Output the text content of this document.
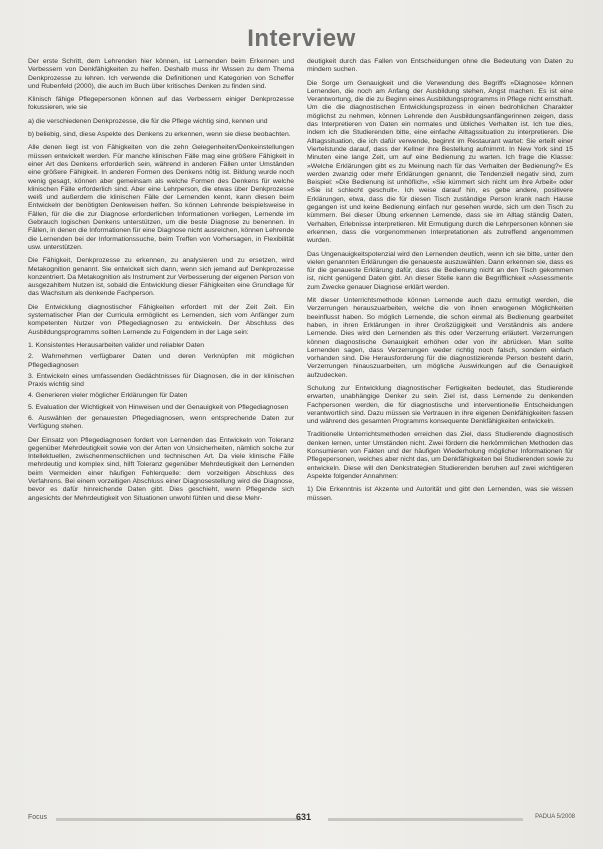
Interview

Der erste Schritt, dem Lehrenden hier können, ist Lernenden beim Erkennen und Verbessern von Denkfähigkeiten zu helfen. Deshalb muss ihr Wissen zu dem Thema Denkprozesse zu lehren. Ich verwende die Definitionen und Kategorien von Scheffer und Rubenfeld (2000), die auch im Buch über kritisches Denken zu finden sind.

Klinisch fähige Pflegepersonen können auf das Verbessern einiger Denkprozesse fokussieren, wie sie

a) die verschiedenen Denkprozesse, die für die Pflege wichtig sind, kennen und

b) beliebig, sind, diese Aspekte des Denkens zu erkennen, wenn sie diese beobachten.

Alle denen liegt ist von Fähigkeiten von die zehn Gelegenheiten/Denkeinstellungen müssen entwickelt werden. Für manche klinischen Fälle mag eine größere Fähigkeit in einer Art des Denkens erforderlich sein, während in anderen Fällen unter Umständen eine größere Fähigkeit. In anderen Formen des Denkens nötig ist. Bildung wurde noch wenig gesagt, können aber gemeinsam als welche Formen des Denkens für welche klinischen Fälle erforderlich sind. Aber eine Lehrperson, die etwas über Denkprozesse weiß und außerdem die klinischen Fälle der Lernenden kennt, kann diesen beim Entwickeln der benötigten Denkweisen helfen. So können Lehrende beispielsweise in Fällen, für die die zur Diagnose erforderlichen Informationen vorliegen, Lernende im Gebrauch logischen Denkens unterstützen, um die beste Diagnose zu benennen. In Fällen, in denen die Informationen für eine Diagnose nicht ausreichen, können Lehrende die Lernenden bei der Informationssuche, beim Treffen von Vorhersagen, in Flexibilität usw. unterstützen.

Die Fähigkeit, Denkprozesse zu erkennen, zu analysieren und zu ersetzen, wird Metakognition genannt. Sie entwickelt sich dann, wenn sich jemand auf Denkprozesse konzentriert. Da Metakognition als Instrument zur Verbesserung der eigenen Person von ausgezahltem Nutzen ist, sobald die Entwicklung dieser Fähigkeiten eine Grundlage für das Wachstum als denkende Fachperson.

Die Entwicklung diagnostischer Fähigkeiten erfordert mit der Zeit Zeit. Ein systematischer Plan der Curricula ermöglicht es Lernenden, sich vom Anfänger zum kompetenten Nutzer von Pflegediagnosen zu entwickeln. Der Abschluss des Ausbildungsprogramms sollten Lernende zu Folgendem in der Lage sein:

1. Konsistentes Herausarbeiten valider und reliabler Daten
2. Wahrnehmen verfügbarer Daten und deren Verknüpfen mit möglichen Pflegediagnosen
3. Entwickeln eines umfassenden Gedächtnisses für Diagnosen, die in der klinischen Praxis wichtig sind
4. Generieren vieler möglicher Erklärungen für Daten
5. Evaluation der Wichtigkeit von Hinweisen und der Genauigkeit von Pflegediagnosen
6. Auswählen der genauesten Pflegediagnosen, wenn entsprechende Daten zur Verfügung stehen.

Der Einsatz von Pflegediagnosen fordert von Lernenden das Entwickeln von Toleranz gegenüber Mehrdeutigkeit sowie von der Arten von Unsicherheiten, nämlich solche zur Intellektuellen, zwischenmenschlichen und technischen Art. Da viele klinische Fälle mehrdeutig und komplex sind, hilft Toleranz gegenüber Mehrdeutigkeit den Lernenden beim Vermeiden einer häufigen Fehlerquelle: dem vorzeitigen Abschluss des Verfahrens. Bei einem vorzeitigen Abschluss einer Diagnosestellung wird die Diagnose, bevor es dafür hinreichende Daten gibt. Dies geschieht, wenn Pflegende sich angesichts der Mehrdeutigkeit von Situationen unwohl fühlen und diese Mehr-

deutigkeit durch das Fallen von Entscheidungen ohne die Bedeutung von Daten zu mindern suchen.

Die Sorge um Genauigkeit und die Verwendung des Begriffs »Diagnose« können Lernenden, die noch am Anfang der Ausbildung stehen, Angst machen. Es ist eine Verantwortung, die die zu Beginn eines Ausbildungsprogramms in Pflege nicht ernsthaft. Um die die diagnostischen Entwicklungsprozess in einen bedrohlichen Charakter möglichst zu nehmen, können Lehrende den Ausbildungsanfängerinnen zeigen, dass das Interpretieren von Daten ein normales und übliches Verhalten ist. Ich tue dies, indem ich die Studierenden bitte, eine einfache Alltagssituation zu interpretieren. Die Alltagssituation, die ich dafür verwende, beginnt im Restaurant wartet: Sie erteilt einer Viertelstunde darauf, dass der Kellner ihre Bestellung aufnimmt. In New York sind 15 Minuten eine lange Zeit, um auf eine Bedienung zu warten. Ich frage die Klasse: »Welche Erklärungen gibt es zu Meinung nach für das Verhalten der Bedienung?« Es werden zwanzig oder mehr Erklärungen genannt, die Tendenziell negativ sind, zum Beispiel: »Die Bedienung ist unhöflich«, »Sie kümmert sich nicht um ihre Arbeit« oder »Sie ist schlecht geschult«. Ich weise darauf hin, es gebe andere, positivere Erklärungen, etwa, dass die für diesen Tisch zuständige Person krank nach Hause gegangen ist und keine Bedienung einfach nur gesehen wurde, sich um den Tisch zu kümmern. Bei dieser Übung erkennen Lernende, dass sie im Alltag ständig Daten, Verhalten, Erlebnisse interpretieren. Mit Ermutigung durch die Lehrpersonen können sie erkennen, dass die vorgenommenen Interpretationen als zutreffend angenommen wurden.

Das Ungenauigkeitspotenzial wird den Lernenden deutlich, wenn ich sie bitte, unter den vielen genannten Erklärungen die genaueste auszuwählen. Dann erkennen sie, dass es für die genaueste Erklärung dafür, dass die Bedienung nicht an den Tisch gekommen ist, nicht genügend Daten gibt. An dieser Stelle kann die Begrifflichkeit »Assessment« zum Zwecke genauer Diagnose erklärt werden.

Mit dieser Unterrichtsmethode können Lernende auch dazu ermutigt werden, die Verzerrungen herauszuarbeiten, welche die von ihnen erwogenen Möglichkeiten beeinflusst haben. So möglich Lernende, die schon einmal als Bedienung gearbeitet haben, in ihren Erklärungen in ihrer Großzügigkeit und Verständnis als andere Lernende. Dies wird den Lernenden als this oder Verzerrung erläutert. Verzerrungen können diagnostische Genauigkeit erhöhen oder von ihr abrücken. Man sollte Lernenden sagen, dass Verzerrungen weder richtig noch falsch, sondern einfach vorhanden sind. Die Herausforderung für die diagnostizierende Person besteht darin, Verzerrungen hinauszuarbeiten, um mögliche Auswirkungen auf die Genauigkeit aufzudecken.

Schulung zur Entwicklung diagnostischer Fertigkeiten bedeutet, das Studierende erwarten, unabhängige Denker zu sein. Ziel ist, dass Lernende zu denkenden Fachpersonen werden, die für diagnostische und interventionelle Entscheidungen verantwortlich sind. Dazu müssen sie Vertrauen in ihre eigenen Denkfähigkeiten fassen und während des gesamten Programms konsequente Denkfähigkeiten entwickeln.

Traditionelle Unterrichtsmethoden erreichen das Ziel, dass Studierende diagnostisch denken lernen, unter Umständen nicht. Zwei fördern die herkömmlichen Methoden das Konsumieren von Fakten und der häufigen Wiederholung möglicher Informationen für Pflegepersonen, welches aber nicht das, um Denkfähigkeiten bei Studierenden sowie zu entwickeln. Diese will den Denkstrategien Studierenden beruhen auf zwei wichtigeren Aspekte folgender Annahmen:

1) Die Erkenntnis ist Akzente und Autorität und gibt den Lernenden, was sie wissen müssen.

Focus	631	PADUA 5/2008
